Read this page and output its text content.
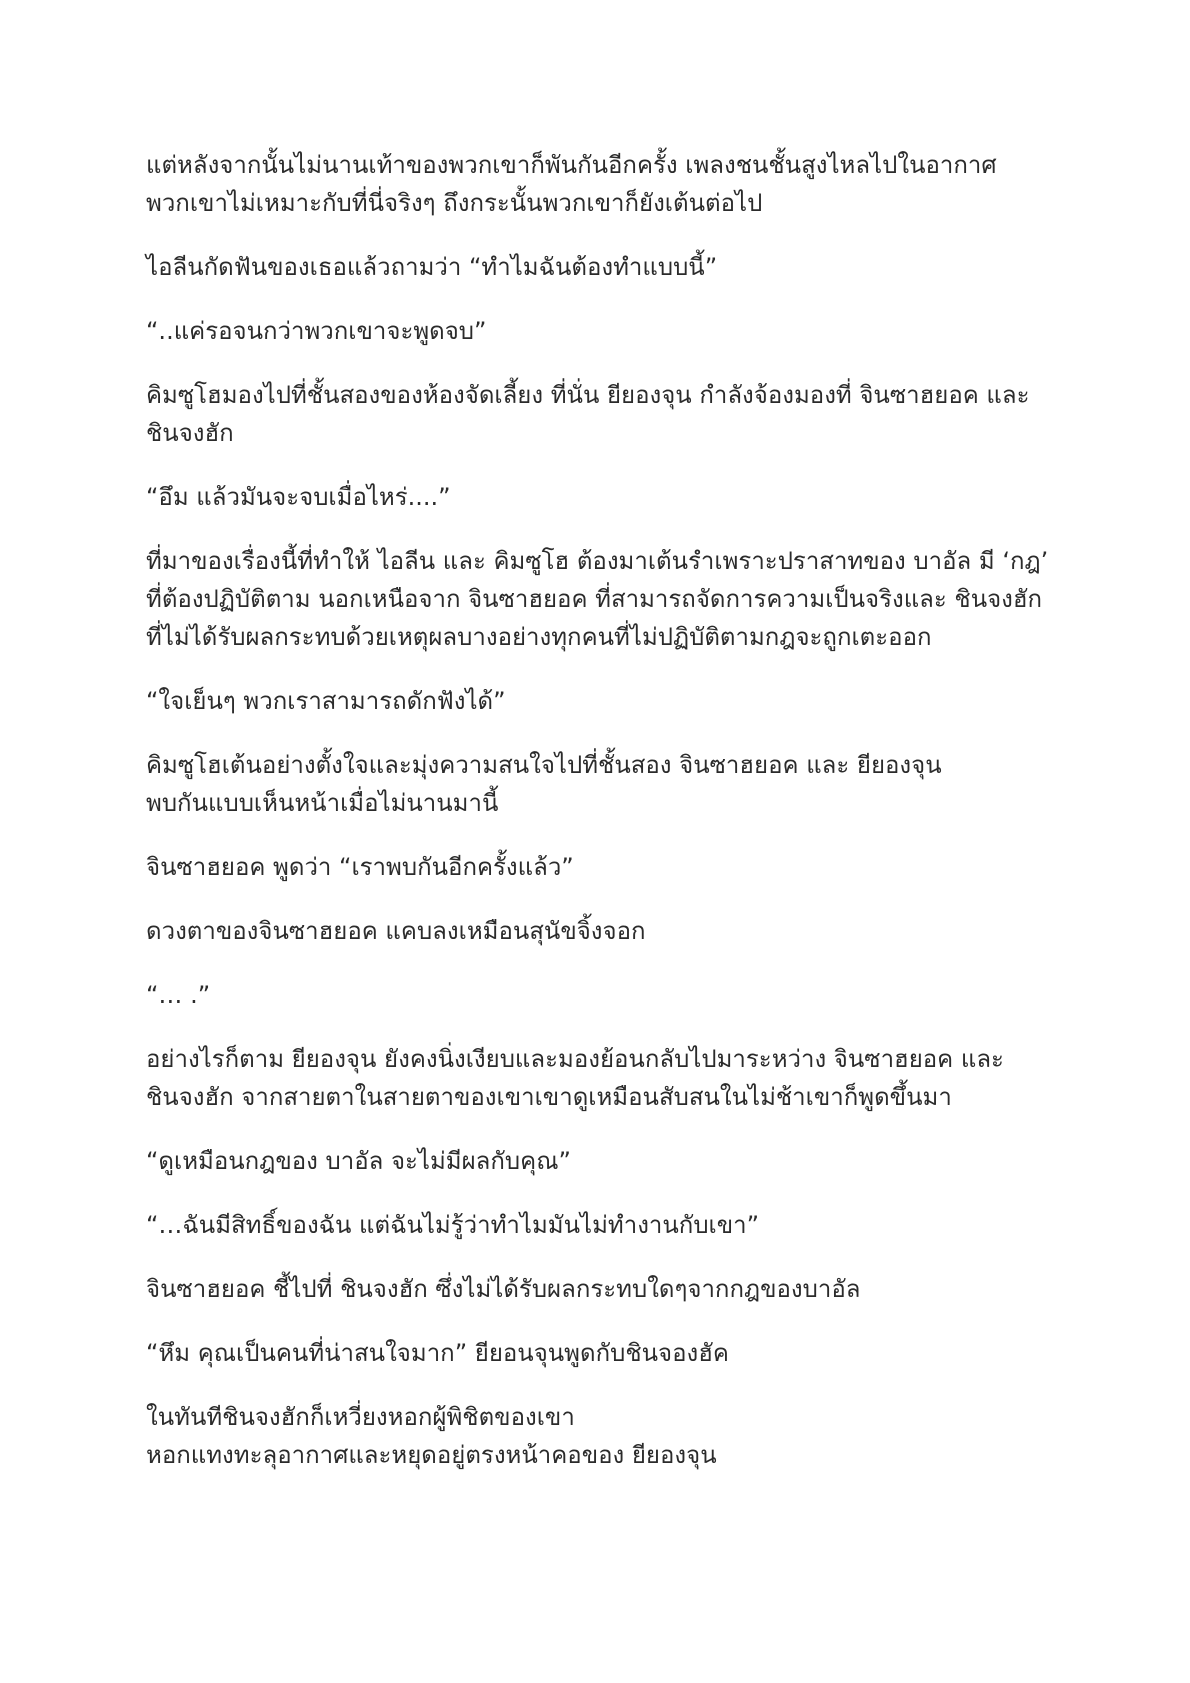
แต่หลังจากนั้นไม่นานเท้าของพวกเขาก็พันกันอีกครั้ง เพลงชนชั้นสูงไหลไปในอากาศ
พวกเขาไม่เหมาะกับที่นี่จริงๆ ถึงกระนั้นพวกเขาก็ยังเต้นต่อไป
ไอลีนกัดฟันของเธอแล้วถามว่า “ทำไมฉันต้องทำแบบนี้”
“..แค่รอจนกว่าพวกเขาจะพูดจบ”
คิมซูโฮมองไปที่ชั้นสองของห้องจัดเลี้ยง ที่นั่น ยียองจุน กำลังจ้องมองที่ จินซาฮยอค และ
ชินจงฮัก
“อึม แล้วมันจะจบเมื่อไหร่....”
ที่มาของเรื่องนี้ที่ทำให้ ไอลีน และ คิมซูโฮ ต้องมาเต้นรำเพราะปราสาทของ บาอัล มี ‘กฎ’
ที่ต้องปฏิบัติตาม นอกเหนือจาก จินซาฮยอค ที่สามารถจัดการความเป็นจริงและ ชินจงฮัก
ที่ไม่ได้รับผลกระทบด้วยเหตุผลบางอย่างทุกคนที่ไม่ปฏิบัติตามกฎจะถูกเตะออก
“ใจเย็นๆ พวกเราสามารถดักฟังได้”
คิมซูโฮเต้นอย่างตั้งใจและมุ่งความสนใจไปที่ชั้นสอง จินซาฮยอค และ ยียองจุน
พบกันแบบเห็นหน้าเมื่อไม่นานมานี้
จินซาฮยอค พูดว่า “เราพบกันอีกครั้งแล้ว”
ดวงตาของจินซาฮยอค แคบลงเหมือนสุนัขจิ้งจอก
“… .”
อย่างไรก็ตาม ยียองจุน ยังคงนิ่งเงียบและมองย้อนกลับไปมาระหว่าง จินซาฮยอค และ
ชินจงฮัก จากสายตาในสายตาของเขาเขาดูเหมือนสับสนในไม่ช้าเขาก็พูดขึ้นมา
“ดูเหมือนกฎของ บาอัล จะไม่มีผลกับคุณ”
“…ฉันมีสิทธิ์ของฉัน แต่ฉันไม่รู้ว่าทำไมมันไม่ทำงานกับเขา”
จินซาฮยอค ชี้ไปที่ ชินจงฮัก ซึ่งไม่ได้รับผลกระทบใดๆจากกฎของบาอัล
“หึม คุณเป็นคนที่น่าสนใจมาก” ยียอนจุนพูดกับชินจองฮัค
ในทันทีชินจงฮักก็เหวี่ยงหอกผู้พิชิตของเขา
หอกแทงทะลุอากาศและหยุดอยู่ตรงหน้าคอของ ยียองจุน
